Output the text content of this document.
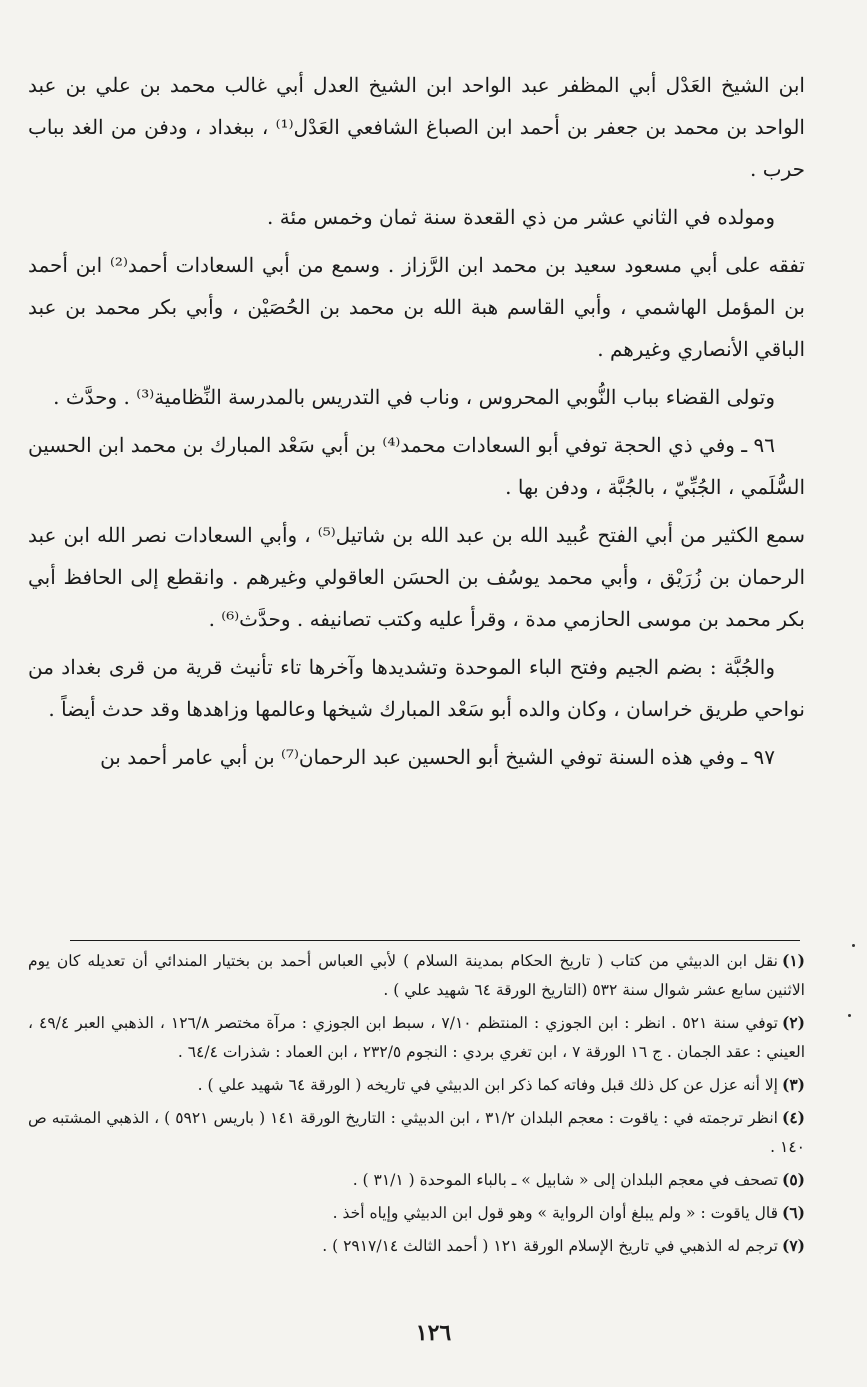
ابن الشيخ العَدْل أبي المظفر عبد الواحد ابن الشيخ العدل أبي غالب محمد بن علي بن عبد الواحد بن محمد بن جعفر بن أحمد ابن الصباغ الشافعي العَدْل⁽¹⁾ ، ببغداد ، ودفن من الغد بباب حرب .

ومولده في الثاني عشر من ذي القعدة سنة ثمان وخمس مئة .

تفقه على أبي مسعود سعيد بن محمد ابن الرَّزاز . وسمع من أبي السعادات أحمد⁽²⁾ ابن أحمد بن المؤمل الهاشمي ، وأبي القاسم هبة الله بن محمد بن الحُصَيْن ، وأبي بكر محمد بن عبد الباقي الأنصاري وغيرهم .

وتولى القضاء بباب النُّوبي المحروس ، وناب في التدريس بالمدرسة النِّظامية⁽³⁾ . وحدَّث .

٩٦ ـ وفي ذي الحجة توفي أبو السعادات محمد⁽⁴⁾ بن أبي سَعْد المبارك بن محمد ابن الحسين السُّلَمي ، الجُبِّيّ ، بالجُبَّة ، ودفن بها .

سمع الكثير من أبي الفتح عُبيد الله بن عبد الله بن شاتيل⁽⁵⁾ ، وأبي السعادات نصر الله ابن عبد الرحمان بن زُرَيْق ، وأبي محمد يوسُف بن الحسَن العاقولي وغيرهم . وانقطع إلى الحافظ أبي بكر محمد بن موسى الحازمي مدة ، وقرأ عليه وكتب تصانيفه . وحدَّث⁽⁶⁾ .

والجُبَّة : بضم الجيم وفتح الباء الموحدة وتشديدها وآخرها تاء تأنيث قرية من قرى بغداد من نواحي طريق خراسان ، وكان والده أبو سَعْد المبارك شيخها وعالمها وزاهدها وقد حدث أيضاً .

٩٧ ـ وفي هذه السنة توفي الشيخ أبو الحسين عبد الرحمان⁽⁷⁾ بن أبي عامر أحمد بن

(١)نقل ابن الدبيثي من كتاب ( تاريخ الحكام بمدينة السلام ) لأبي العباس أحمد بن بختيار المندائي أن تعديله كان يوم الاثنين سابع عشر شوال سنة ٥٣٢ (التاريخ الورقة ٦٤ شهيد علي ) .

(٢)توفي سنة ٥٢١ . انظر : ابن الجوزي : المنتظم ٧/١٠ ، سبط ابن الجوزي : مرآة مختصر ١٢٦/٨ ، الذهبي العبر ٤٩/٤ ، العيني : عقد الجمان . ج ١٦ الورقة ٧ ، ابن تغري بردي : النجوم ٢٣٢/٥ ، ابن العماد : شذرات ٦٤/٤ .

(٣)إلا أنه عزل عن كل ذلك قبل وفاته كما ذكر ابن الدبيثي في تاريخه ( الورقة ٦٤ شهيد علي ) .

(٤)انظر ترجمته في : ياقوت : معجم البلدان ٣١/٢ ، ابن الدبيثي : التاريخ الورقة ١٤١ ( باريس ٥٩٢١ ) ، الذهبي المشتبه ص ١٤٠ .

(٥)تصحف في معجم البلدان إلى « شابيل » ـ بالباء الموحدة ( ٣١/١ ) .

(٦)قال ياقوت : « ولم يبلغ أوان الرواية » وهو قول ابن الدبيثي وإياه أخذ .

(٧)ترجم له الذهبي في تاريخ الإسلام الورقة ١٢١ ( أحمد الثالث ٢٩١٧/١٤ ) .

١٢٦
